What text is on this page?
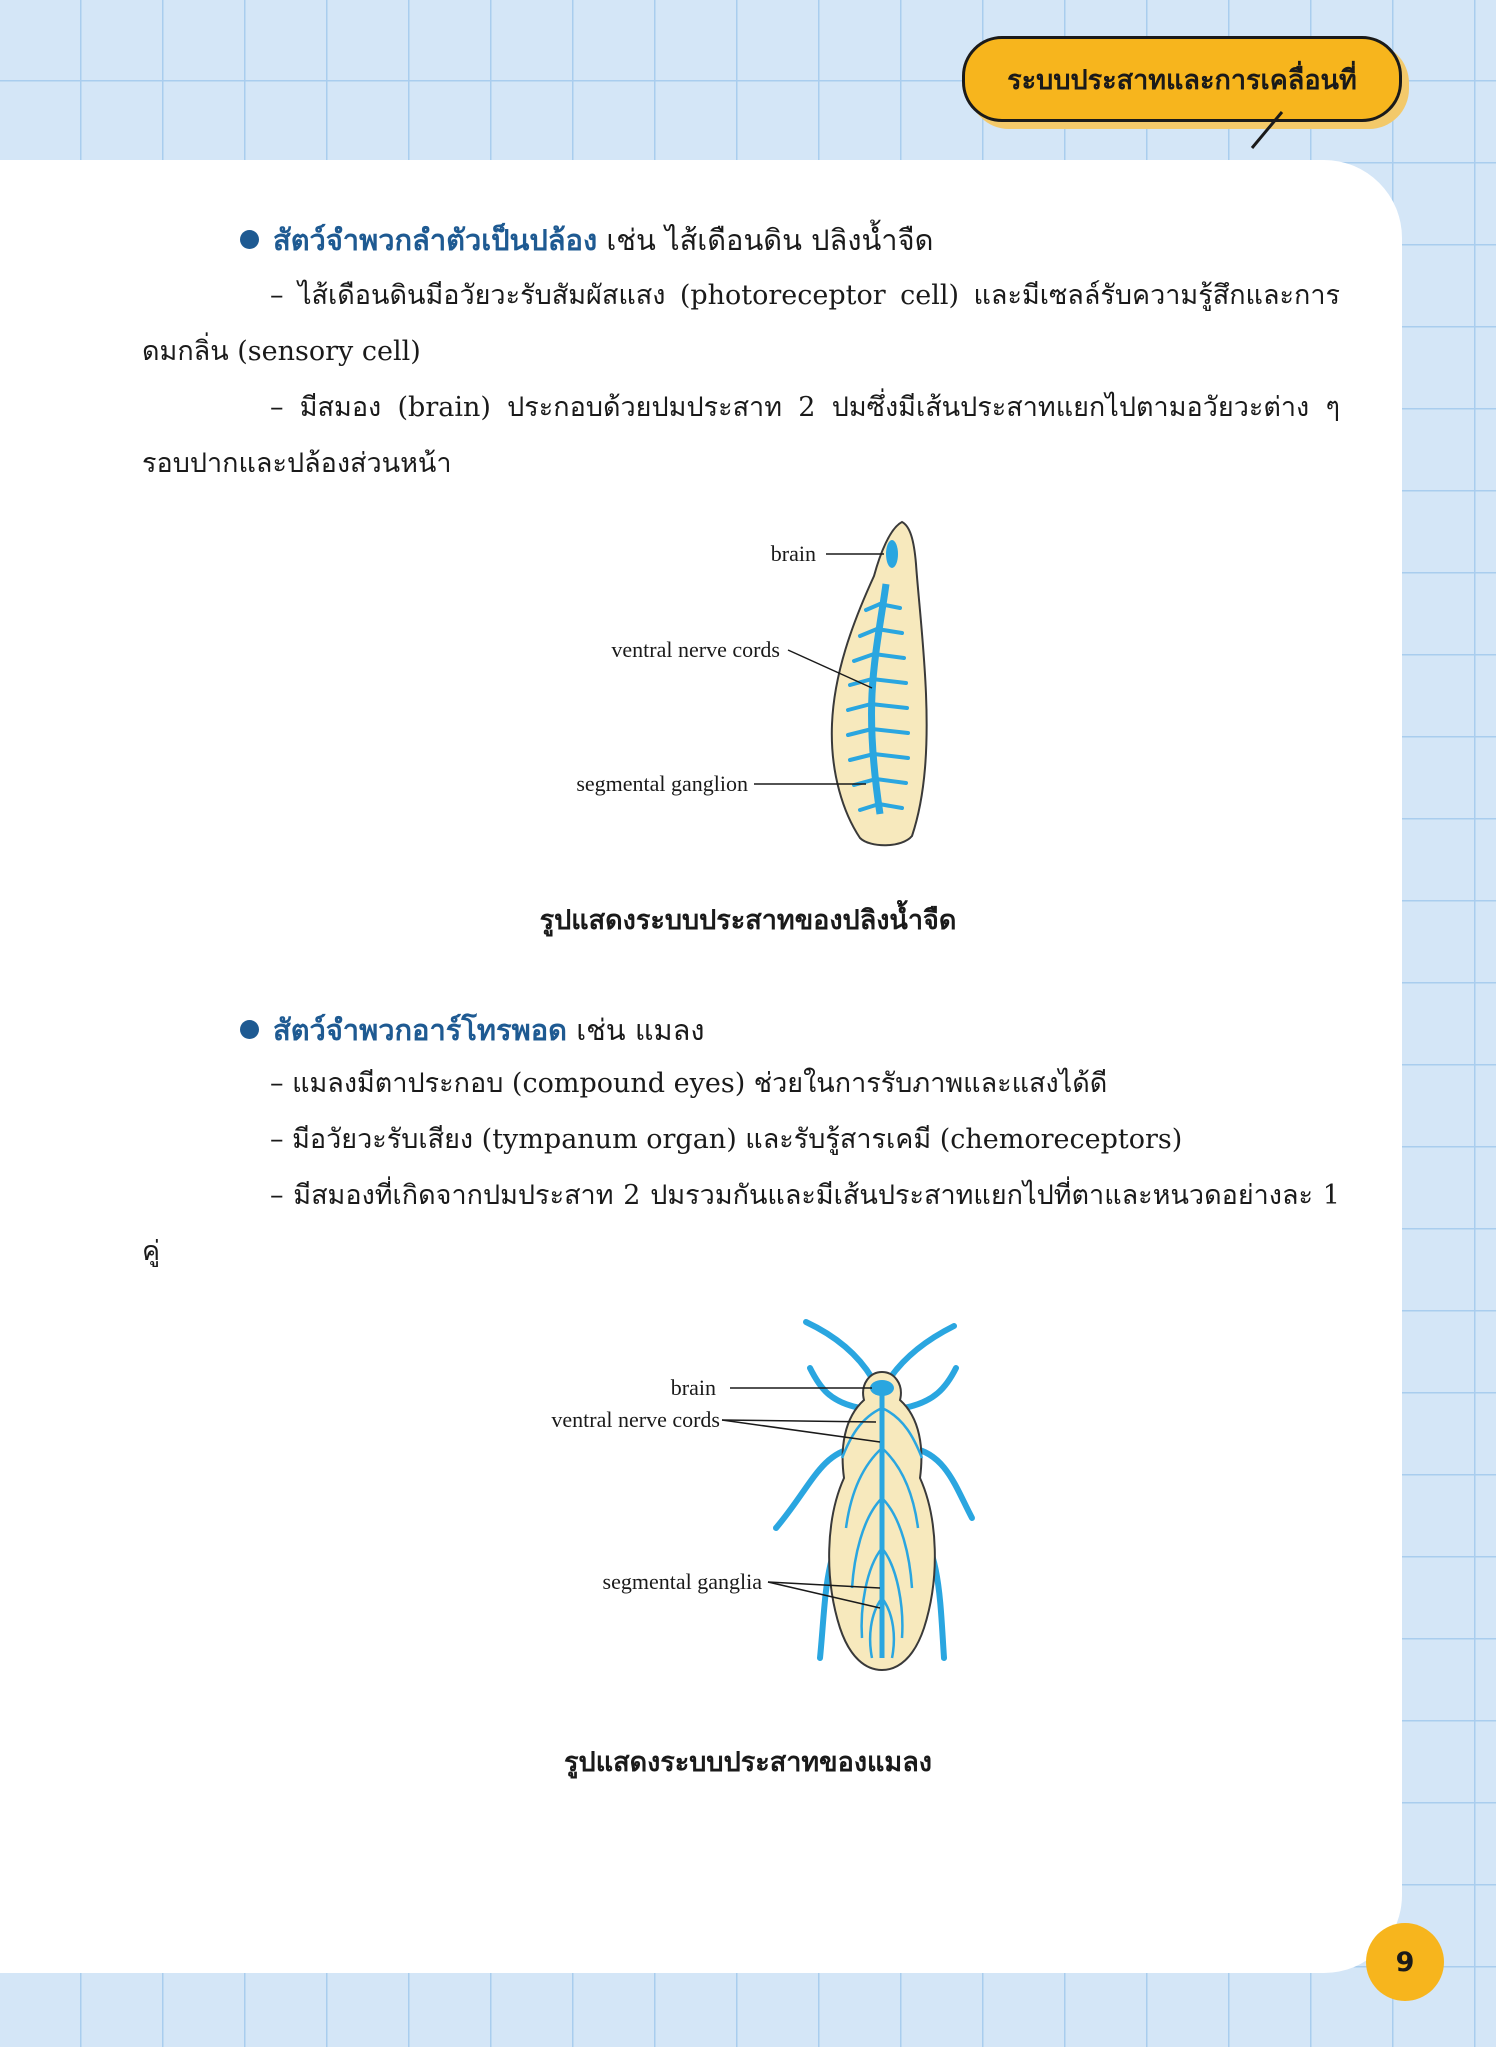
ระบบประสาทและการเคลื่อนที่
สัตว์จำพวกลำตัวเป็นปล้อง เช่น ไส้เดือนดิน ปลิงน้ำจืด
– ไส้เดือนดินมีอวัยวะรับสัมผัสแสง (photoreceptor cell) และมีเซลล์รับความรู้สึกและการดมกลิ่น (sensory cell)
– มีสมอง (brain) ประกอบด้วยปมประสาท 2 ปมซึ่งมีเส้นประสาทแยกไปตามอวัยวะต่าง ๆ รอบปากและปล้องส่วนหน้า
brain
ventral nerve cords
segmental ganglion
รูปแสดงระบบประสาทของปลิงน้ำจืด
สัตว์จำพวกอาร์โทรพอด เช่น แมลง
– แมลงมีตาประกอบ (compound eyes) ช่วยในการรับภาพและแสงได้ดี
– มีอวัยวะรับเสียง (tympanum organ) และรับรู้สารเคมี (chemoreceptors)
– มีสมองที่เกิดจากปมประสาท 2 ปมรวมกันและมีเส้นประสาทแยกไปที่ตาและหนวดอย่างละ 1 คู่
brain
ventral nerve cords
segmental ganglia
รูปแสดงระบบประสาทของแมลง
9
